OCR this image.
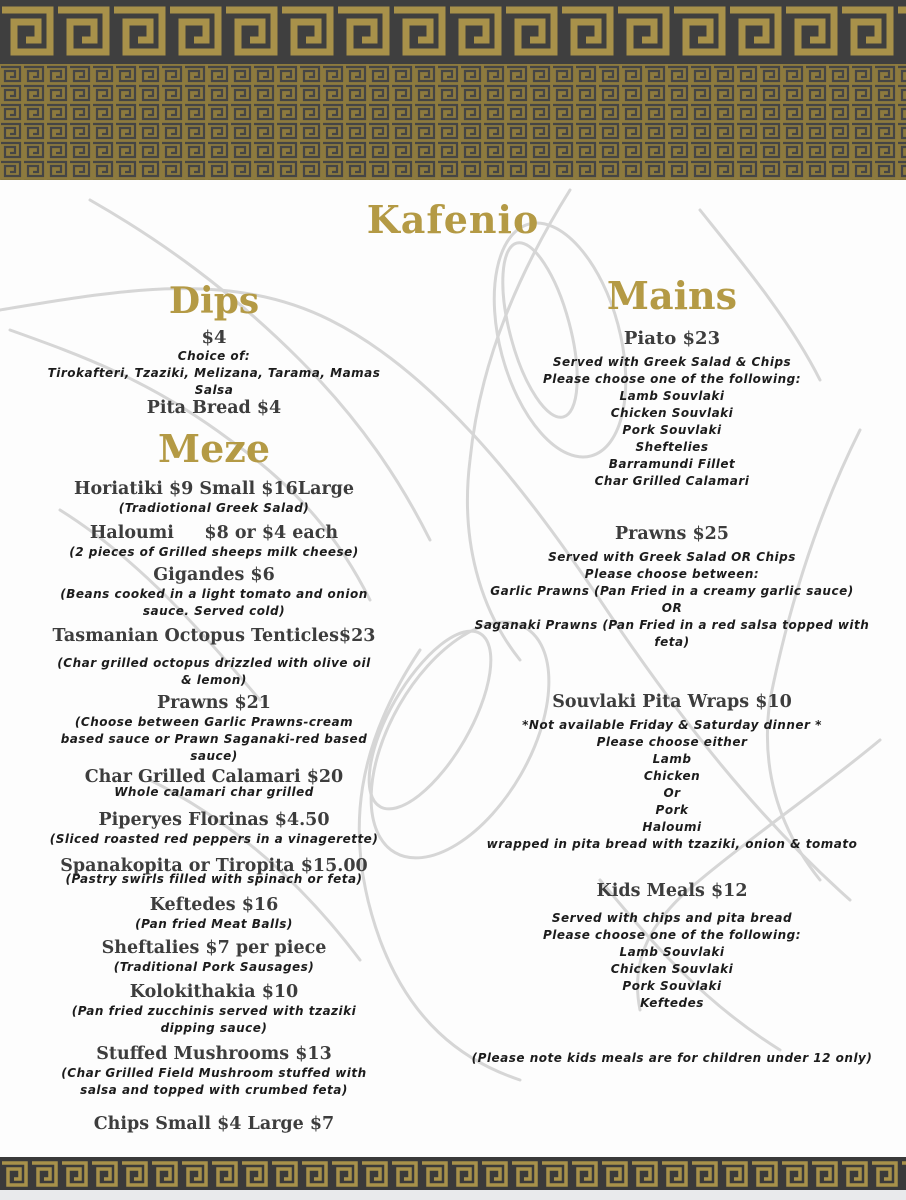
Kafenio
Dips
$4
Choice of:
Tirokafteri, Tzaziki, Melizana, Tarama, Mamas
Salsa
Pita Bread $4
Meze
Horiatiki $9 Small $16Large
(Tradiotional Greek Salad)
Haloumi     $8 or $4 each
(2 pieces of Grilled sheeps milk cheese)
Gigandes $6
(Beans cooked in a light tomato and onion
sauce. Served cold)
Tasmanian Octopus Tenticles$23
(Char grilled octopus drizzled with olive oil
& lemon)
Prawns $21
(Choose between Garlic Prawns-cream
based sauce or Prawn Saganaki-red based
sauce)
Char Grilled Calamari $20
Whole calamari char grilled
Piperyes Florinas $4.50
(Sliced roasted red peppers in a vinagerette)
Spanakopita or Tiropita $15.00
(Pastry swirls filled with spinach or feta)
Keftedes $16
(Pan fried Meat Balls)
Sheftalies $7 per piece
(Traditional Pork Sausages)
Kolokithakia $10
(Pan fried zucchinis served with tzaziki
dipping sauce)
Stuffed Mushrooms $13
(Char Grilled Field Mushroom stuffed with
salsa and topped with crumbed feta)
Chips Small $4 Large $7
Mains
Piato $23
Served with Greek Salad & Chips
Please choose one of the following:
Lamb Souvlaki
Chicken Souvlaki
Pork Souvlaki
Sheftelies
Barramundi Fillet
Char Grilled Calamari
Prawns $25
Served with Greek Salad OR Chips
Please choose between:
Garlic Prawns (Pan Fried in a creamy garlic sauce)
OR
Saganaki Prawns (Pan Fried in a red salsa topped with feta)
Souvlaki Pita Wraps $10
*Not available Friday & Saturday dinner *
Please choose either
Lamb
Chicken
Or
Pork
Haloumi
wrapped in pita bread with tzaziki, onion & tomato
Kids Meals $12
Served with chips and pita bread
Please choose one of the following:
Lamb Souvlaki
Chicken Souvlaki
Pork Souvlaki
Keftedes
(Please note kids meals are for children under 12 only)
